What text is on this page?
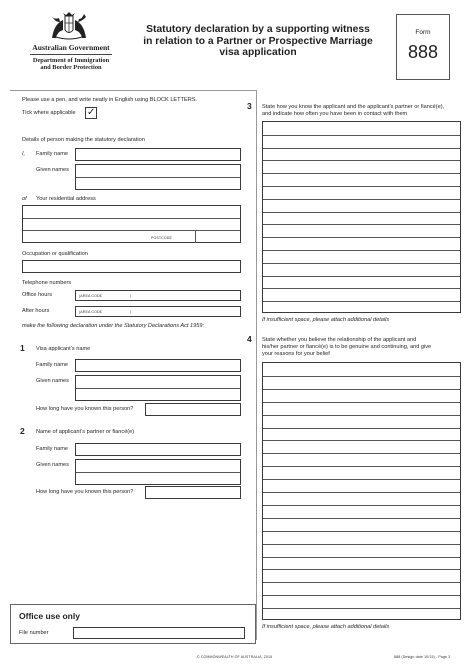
Australian Government
Department of Immigration
and Border Protection
Statutory declaration by a supporting witness
in relation to a Partner or Prospective Marriage
visa application
Form
888
Please use a pen, and write neatly in English using BLOCK LETTERS.
Tick where applicable ✓
Details of person making the statutory declaration
I, Family name
Given names
of Your residential address
POSTCODE
Occupation or qualification
Telephone numbers
Office hours	(AREA CODE	)
After hours	(AREA CODE	)
make the following declaration under the Statutory Declarations Act 1959:
1 Visa applicant’s name
Family name
Given names
How long have you known this person?
2 Name of applicant’s partner or fiancé(e)
Family name
Given names
How long have you known this person?
Office use only
File number
3 State how you know the applicant and the applicant’s partner or fiancé(e),
and indicate how often you have been in contact with them
If insufficient space, please attach additional details
4 State whether you believe the relationship of the applicant and
his/her partner or fiancé(e) is to be genuine and continuing, and give
your reasons for your belief
If insufficient space, please attach additional details
© COMMONWEALTH OF AUSTRALIA, 2015	888 (Design date 10/15) - Page 3
